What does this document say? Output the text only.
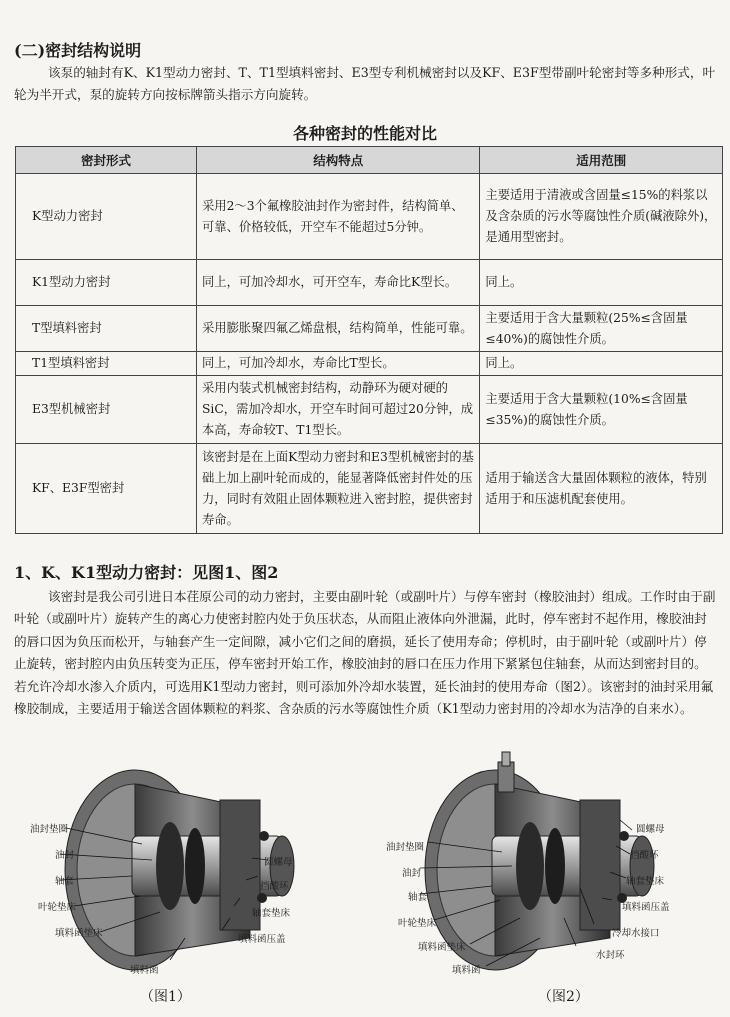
(二)密封结构说明
该泵的轴封有K、K1型动力密封、T、T1型填料密封、E3型专利机械密封以及KF、E3F型带副叶轮密封等多种形式，叶轮为半开式，泵的旋转方向按标牌箭头指示方向旋转。
各种密封的性能对比
密封形式	结构特点	适用范围
K型动力密封	采用2～3个氟橡胶油封作为密封件，结构简单、可靠、价格较低，开空车不能超过5分钟。	主要适用于清液或含固量≤15%的料浆以及含杂质的污水等腐蚀性介质(碱液除外)，是通用型密封。
K1型动力密封	同上，可加冷却水，可开空车，寿命比K型长。	同上。
T型填料密封	采用膨胀聚四氟乙烯盘根，结构简单，性能可靠。	主要适用于含大量颗粒(25%≤含固量≤40%)的腐蚀性介质。
T1型填料密封	同上，可加冷却水，寿命比T型长。	同上。
E3型机械密封	采用内装式机械密封结构，动静环为硬对硬的SiC，需加冷却水，开空车时间可超过20分钟，成本高，寿命较T、T1型长。	主要适用于含大量颗粒(10%≤含固量≤35%)的腐蚀性介质。
KF、E3F型密封	该密封是在上面K型动力密封和E3型机械密封的基础上加上副叶轮而成的，能显著降低密封件处的压力，同时有效阻止固体颗粒进入密封腔，提供密封寿命。	适用于输送含大量固体颗粒的液体，特别适用于和压滤机配套使用。
1、K、K1型动力密封：见图1、图2
该密封是我公司引进日本荏原公司的动力密封，主要由副叶轮（或副叶片）与停车密封（橡胶油封）组成。工作时由于副叶轮（或副叶片）旋转产生的离心力使密封腔内处于负压状态，从而阻止液体向外泄漏，此时，停车密封不起作用，橡胶油封的唇口因为负压而松开，与轴套产生一定间隙，减小它们之间的磨损，延长了使用寿命；停机时，由于副叶轮（或副叶片）停止旋转，密封腔内由负压转变为正压，停车密封开始工作，橡胶油封的唇口在压力作用下紧紧包住轴套，从而达到密封目的。若允许冷却水渗入介质内，可选用K1型动力密封，则可添加外冷却水装置，延长油封的使用寿命（图2）。该密封的油封采用氟橡胶制成，主要适用于输送含固体颗粒的料浆、含杂质的污水等腐蚀性介质（K1型动力密封用的冷却水为洁净的自来水）。
油封垫圈
油封
轴套
叶轮垫床
填料函垫床
填料函
圆螺母
挡酸环
轴套垫床
填料函压盖
（图1）
油封垫圈
油封
轴套
叶轮垫床
填料函垫床
填料函
圆螺母
挡酸环
轴套垫床
填料函压盖
冷却水接口
水封环
（图2）
